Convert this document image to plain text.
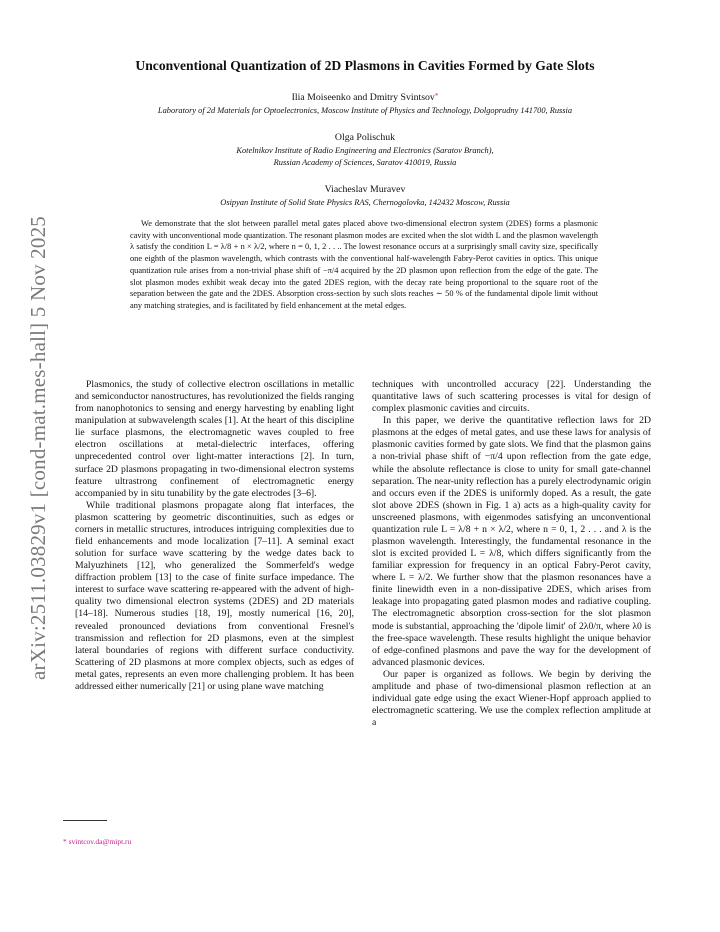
arXiv:2511.03829v1 [cond-mat.mes-hall] 5 Nov 2025
Unconventional Quantization of 2D Plasmons in Cavities Formed by Gate Slots
Ilia Moiseenko and Dmitry Svintsov*
Laboratory of 2d Materials for Optoelectronics, Moscow Institute of Physics and Technology, Dolgoprudny 141700, Russia
Olga Polischuk
Kotelnikov Institute of Radio Engineering and Electronics (Saratov Branch),
Russian Academy of Sciences, Saratov 410019, Russia
Viacheslav Muravev
Osipyan Institute of Solid State Physics RAS, Chernogolovka, 142432 Moscow, Russia

We demonstrate that the slot between parallel metal gates placed above two-dimensional electron system (2DES) forms a plasmonic cavity with unconventional mode quantization. The resonant plasmon modes are excited when the slot width L and the plasmon wavelength λ satisfy the condition L = λ/8 + n × λ/2, where n = 0, 1, 2 . . .. The lowest resonance occurs at a surprisingly small cavity size, specifically one eighth of the plasmon wavelength, which contrasts with the conventional half-wavelength Fabry-Perot cavities in optics. This unique quantization rule arises from a non-trivial phase shift of −π/4 acquired by the 2D plasmon upon reflection from the edge of the gate. The slot plasmon modes exhibit weak decay into the gated 2DES region, with the decay rate being proportional to the square root of the separation between the gate and the 2DES. Absorption cross-section by such slots reaches ∼ 50 % of the fundamental dipole limit without any matching strategies, and is facilitated by field enhancement at the metal edges.

Plasmonics, the study of collective electron oscillations in metallic and semiconductor nanostructures, has revolutionized the fields ranging from nanophotonics to sensing and energy harvesting by enabling light manipulation at subwavelength scales [1]. At the heart of this discipline lie surface plasmons, the electromagnetic waves coupled to free electron oscillations at metal-dielectric interfaces, offering unprecedented control over light-matter interactions [2]. In turn, surface 2D plasmons propagating in two-dimensional electron systems feature ultrastrong confinement of electromagnetic energy accompanied by in situ tunability by the gate electrodes [3–6].

While traditional plasmons propagate along flat interfaces, the plasmon scattering by geometric discontinuities, such as edges or corners in metallic structures, introduces intriguing complexities due to field enhancements and mode localization [7–11]. A seminal exact solution for surface wave scattering by the wedge dates back to Malyuzhinets [12], who generalized the Sommerfeld's wedge diffraction problem [13] to the case of finite surface impedance. The interest to surface wave scattering re-appeared with the advent of high-quality two dimensional electron systems (2DES) and 2D materials [14–18]. Numerous studies [18, 19], mostly numerical [16, 20], revealed pronounced deviations from conventional Fresnel's transmission and reflection for 2D plasmons, even at the simplest lateral boundaries of regions with different surface conductivity. Scattering of 2D plasmons at more complex objects, such as edges of metal gates, represents an even more challenging problem. It has been addressed either numerically [21] or using plane wave matching

techniques with uncontrolled accuracy [22]. Understanding the quantitative laws of such scattering processes is vital for design of complex plasmonic cavities and circuits.

In this paper, we derive the quantitative reflection laws for 2D plasmons at the edges of metal gates, and use these laws for analysis of plasmonic cavities formed by gate slots. We find that the plasmon gains a non-trivial phase shift of −π/4 upon reflection from the gate edge, while the absolute reflectance is close to unity for small gate-channel separation. The near-unity reflection has a purely electrodynamic origin and occurs even if the 2DES is uniformly doped. As a result, the gate slot above 2DES (shown in Fig. 1 a) acts as a high-quality cavity for unscreened plasmons, with eigenmodes satisfying an unconventional quantization rule L = λ/8 + n × λ/2, where n = 0, 1, 2 . . . and λ is the plasmon wavelength. Interestingly, the fundamental resonance in the slot is excited provided L = λ/8, which differs significantly from the familiar expression for frequency in an optical Fabry-Perot cavity, where L = λ/2. We further show that the plasmon resonances have a finite linewidth even in a non-dissipative 2DES, which arises from leakage into propagating gated plasmon modes and radiative coupling. The electromagnetic absorption cross-section for the slot plasmon mode is substantial, approaching the 'dipole limit' of 2λ0/π, where λ0 is the free-space wavelength. These results highlight the unique behavior of edge-confined plasmons and pave the way for the development of advanced plasmonic devices.

Our paper is organized as follows. We begin by deriving the amplitude and phase of two-dimensional plasmon reflection at an individual gate edge using the exact Wiener-Hopf approach applied to electromagnetic scattering. We use the complex reflection amplitude at a

* svintcov.da@mipt.ru
